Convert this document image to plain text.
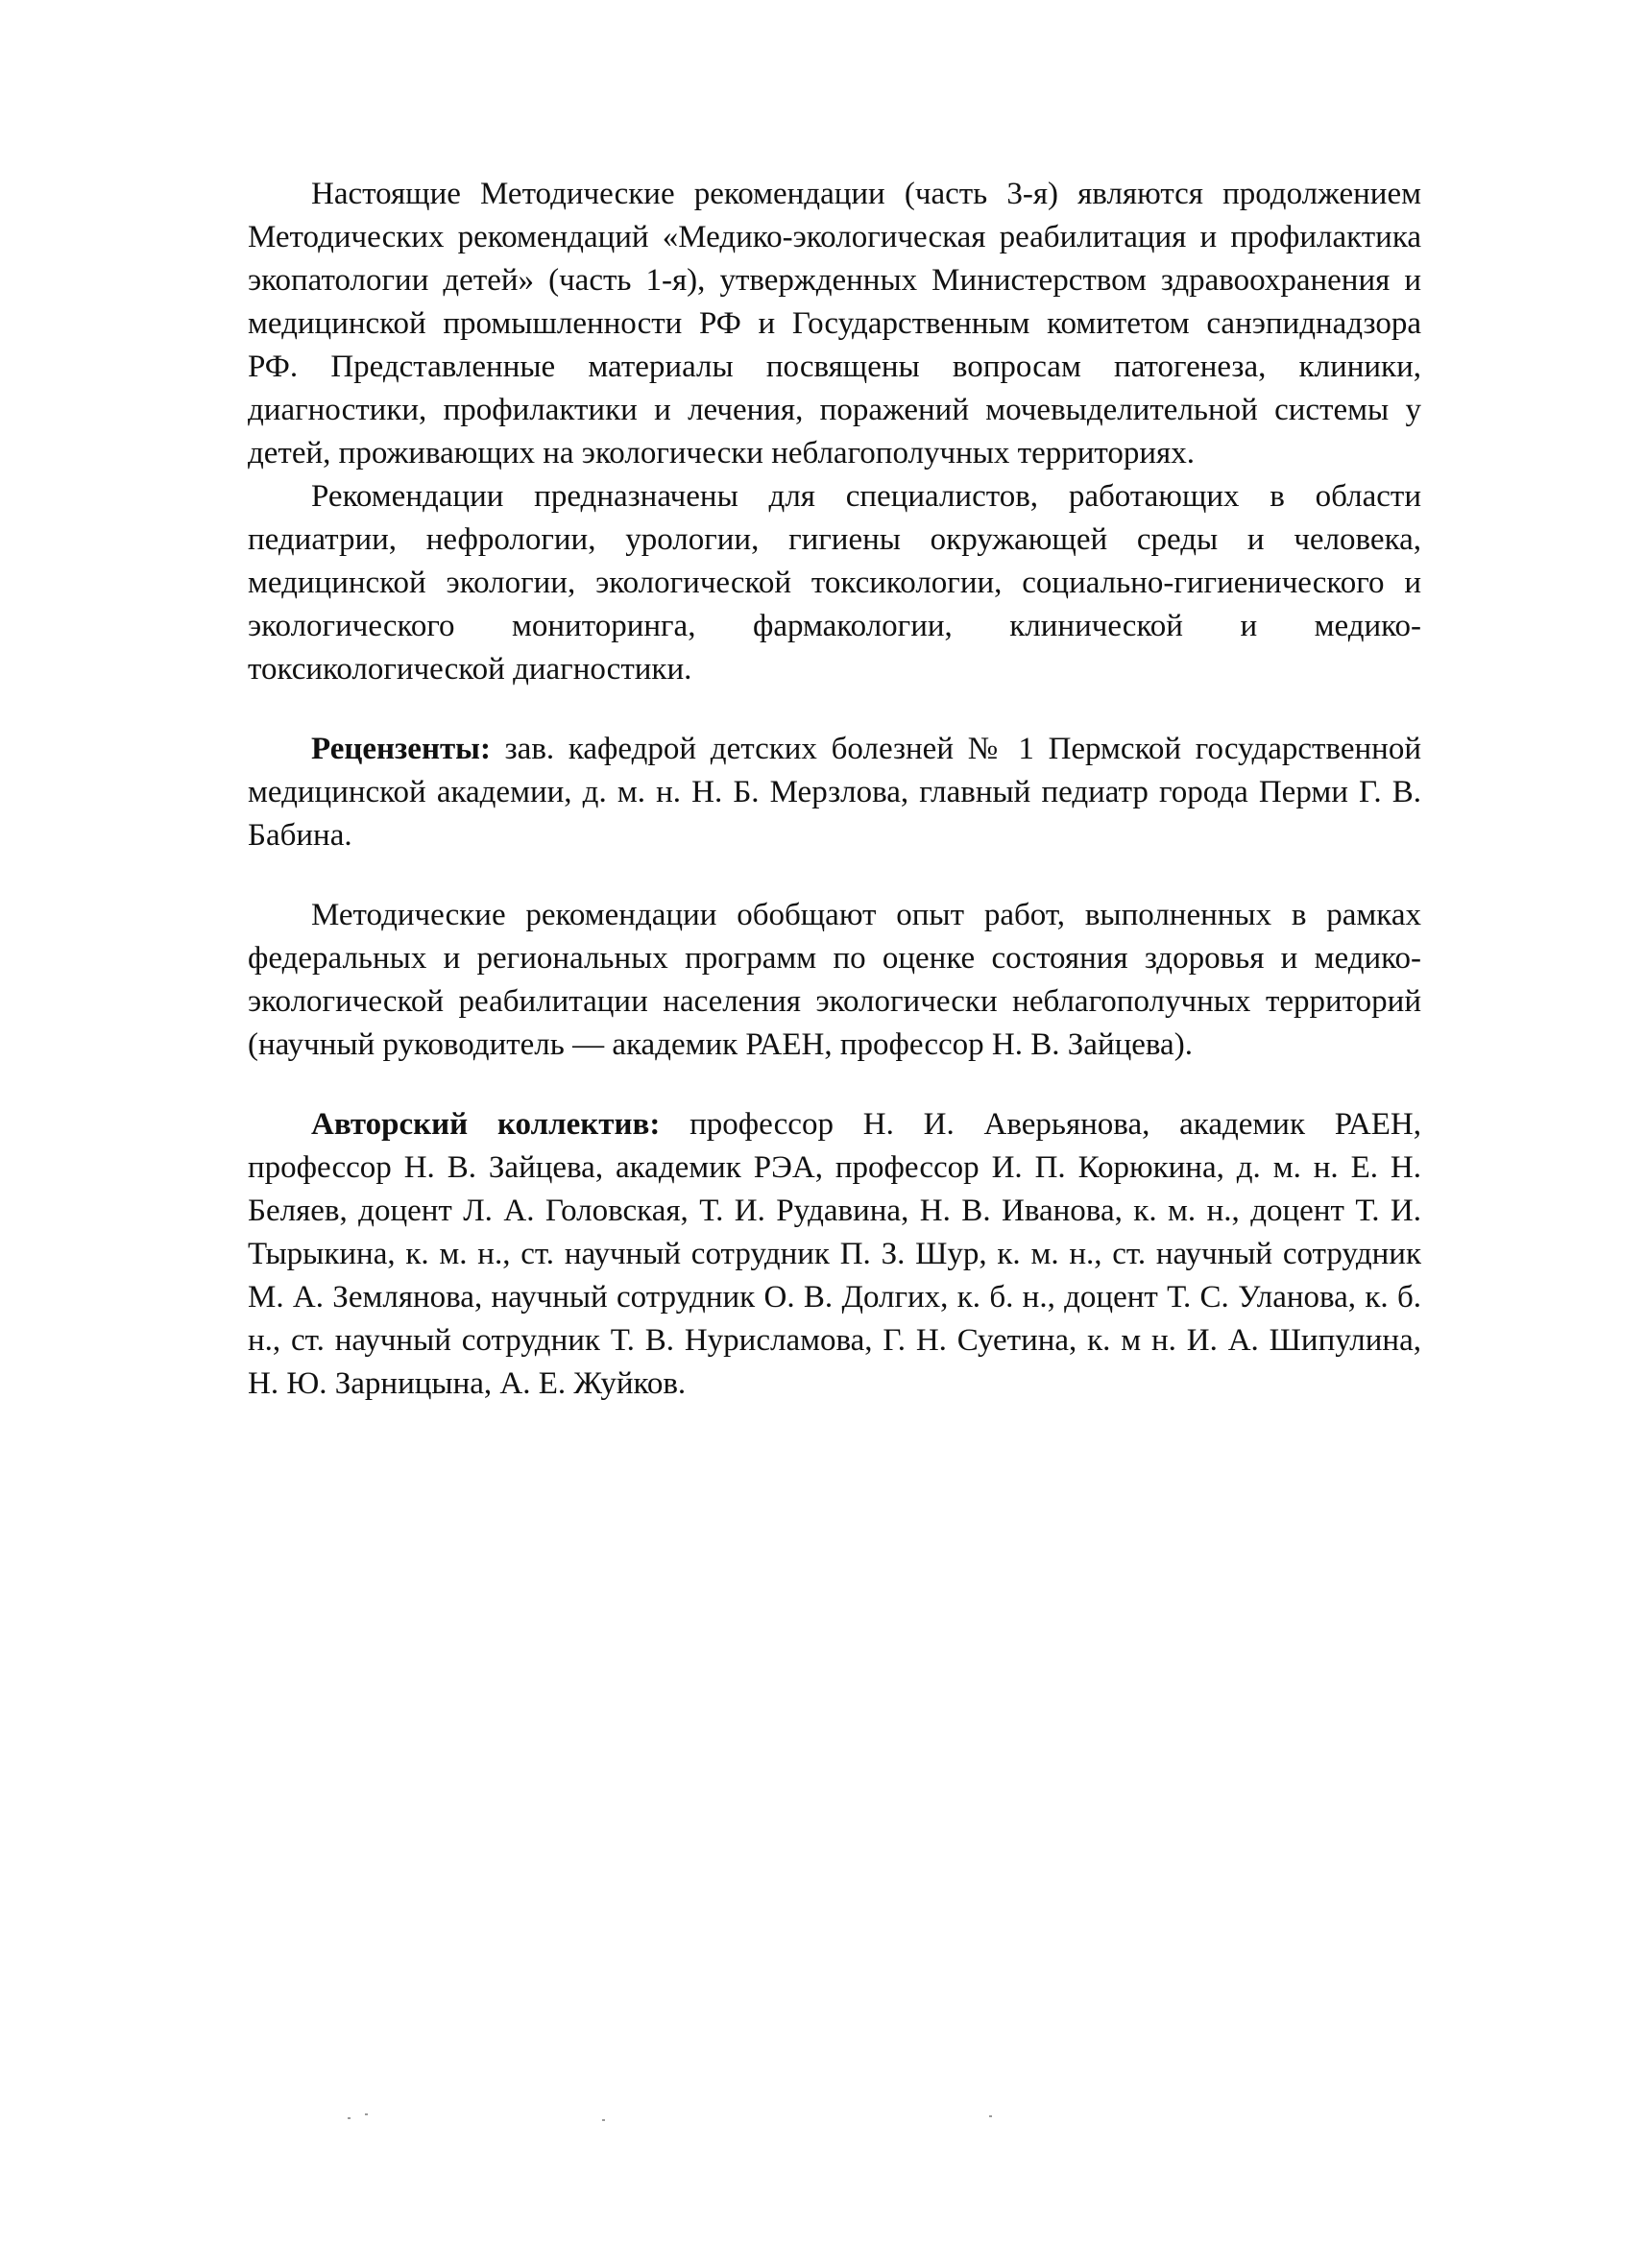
Настоящие Методические рекомендации (часть 3-я) являются продолжением Методических рекомендаций «Медико-экологическая реабилитация и профилактика экопатологии детей» (часть 1-я), утвержденных Министерством здравоохранения и медицинской промышленности РФ и Государственным комитетом санэпиднадзора РФ. Представленные материалы посвящены вопросам патогенеза, клиники, диагностики, профилактики и лечения, поражений мочевыделительной системы у детей, проживающих на экологически неблагополучных территориях.

Рекомендации предназначены для специалистов, работающих в области педиатрии, нефрологии, урологии, гигиены окружающей среды и человека, медицинской экологии, экологической токсикологии, социально-гигиенического и экологического мониторинга, фармакологии, клинической и медико-токсикологической диагностики.

Рецензенты: зав. кафедрой детских болезней № 1 Пермской государственной медицинской академии, д. м. н. Н. Б. Мерзлова, главный педиатр города Перми Г. В. Бабина.

Методические рекомендации обобщают опыт работ, выполненных в рамках федеральных и региональных программ по оценке состояния здоровья и медико-экологической реабилитации населения экологически неблагополучных территорий (научный руководитель — академик РАЕН, профессор Н. В. Зайцева).

Авторский коллектив: профессор Н. И. Аверьянова, академик РАЕН, профессор Н. В. Зайцева, академик РЭА, профессор И. П. Корюкина, д. м. н. Е. Н. Беляев, доцент Л. А. Головская, Т. И. Рудавина, Н. В. Иванова, к. м. н., доцент Т. И. Тырыкина, к. м. н., ст. научный сотрудник П. З. Шур, к. м. н., ст. научный сотрудник М. А. Землянова, научный сотрудник О. В. Долгих, к. б. н., доцент Т. С. Уланова, к. б. н., ст. научный сотрудник Т. В. Нурисламова, Г. Н. Суетина, к. м н. И. А. Шипулина, Н. Ю. Зарницына, А. Е. Жуйков.
